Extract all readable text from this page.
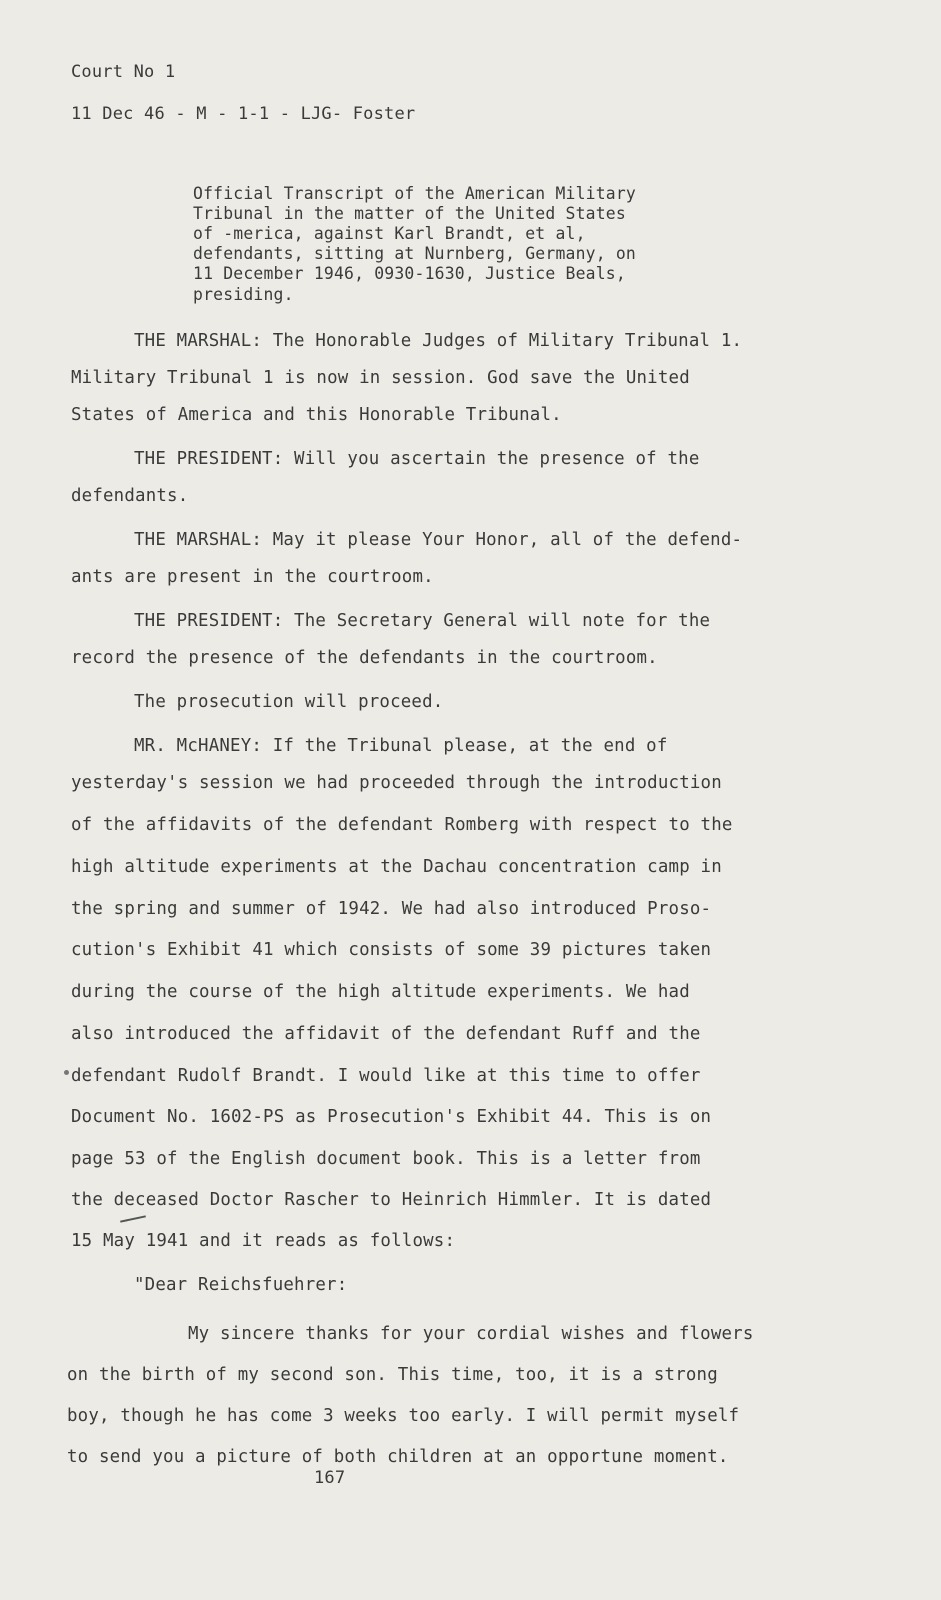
Court No 1
11 Dec 46 - M - 1-1 - LJG- Foster
Official Transcript of the American Military
Tribunal in the matter of the United States
of -merica, against Karl Brandt, et al,
defendants, sitting at Nurnberg, Germany, on
11 December 1946, 0930-1630, Justice Beals,
presiding.
THE MARSHAL: The Honorable Judges of Military Tribunal 1.
Military Tribunal 1 is now in session. God save the United
States of America and this Honorable Tribunal.
THE PRESIDENT: Will you ascertain the presence of the
defendants.
THE MARSHAL: May it please Your Honor, all of the defend-
ants are present in the courtroom.
THE PRESIDENT: The Secretary General will note for the
record the presence of the defendants in the courtroom.
The prosecution will proceed.
MR. McHANEY: If the Tribunal please, at the end of
yesterday's session we had proceeded through the introduction
of the affidavits of the defendant Romberg with respect to the
high altitude experiments at the Dachau concentration camp in
the spring and summer of 1942. We had also introduced Proso-
cution's Exhibit 41 which consists of some 39 pictures taken
during the course of the high altitude experiments. We had
also introduced the affidavit of the defendant Ruff and the
defendant Rudolf Brandt. I would like at this time to offer
Document No. 1602-PS as Prosecution's Exhibit 44. This is on
page 53 of the English document book. This is a letter from
the deceased Doctor Rascher to Heinrich Himmler. It is dated
15 May 1941 and it reads as follows:
"Dear Reichsfuehrer:
My sincere thanks for your cordial wishes and flowers
on the birth of my second son. This time, too, it is a strong
boy, though he has come 3 weeks too early. I will permit myself
to send you a picture of both children at an opportune moment.
167
